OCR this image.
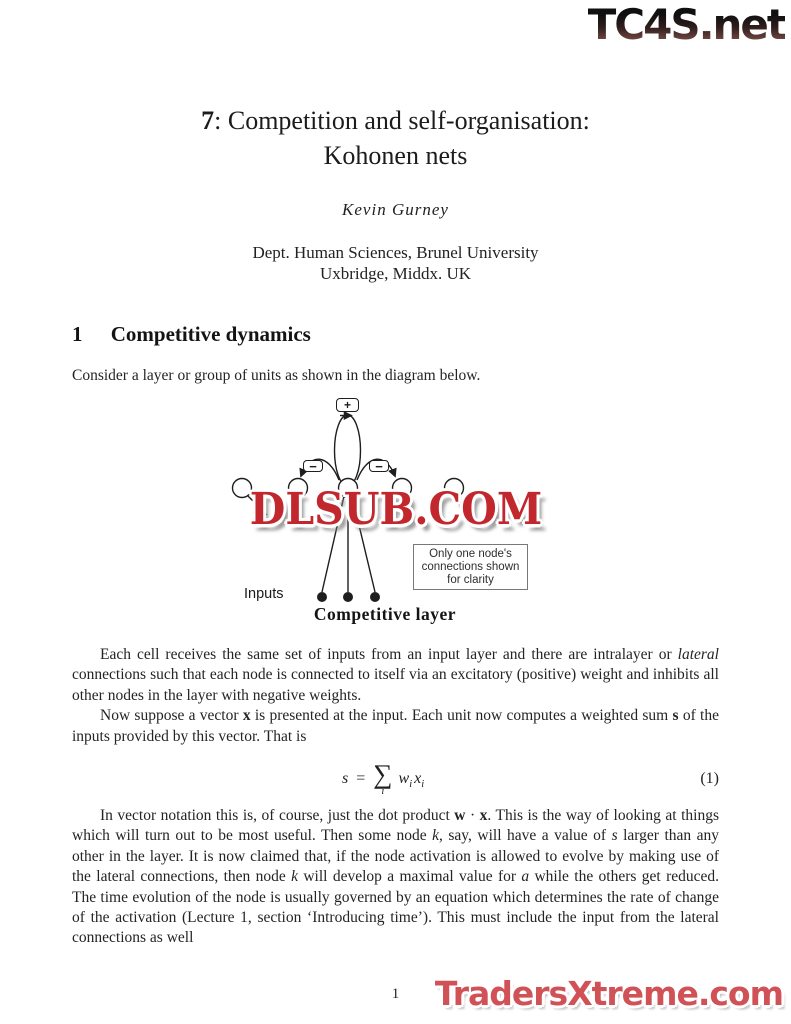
TC4S.net
7: Competition and self-organisation:
Kohonen nets
Kevin Gurney
Dept. Human Sciences, Brunel University
Uxbridge, Middx. UK
1 Competitive dynamics
Consider a layer or group of units as shown in the diagram below.
+
−	−
Only one node's
connections shown
for clarity
Inputs
Competitive layer
DLSUB.COM

Each cell receives the same set of inputs from an input layer and there are intralayer or lateral connections such that each node is connected to itself via an excitatory (positive) weight and inhibits all other nodes in the layer with negative weights.

Now suppose a vector x is presented at the input. Each unit now computes a weighted sum s of the inputs provided by this vector. That is

s = ∑
i
w i x i	(1)

In vector notation this is, of course, just the dot product w · x. This is the way of looking at things which will turn out to be most useful. Then some node k, say, will have a value of s larger than any other in the layer. It is now claimed that, if the node activation is allowed to evolve by making use of the lateral connections, then node k will develop a maximal value for a while the others get reduced. The time evolution of the node is usually governed by an equation which determines the rate of change of the activation (Lecture 1, section ‘Introducing time’). This must include the input from the lateral connections as well

1	TradersXtreme.com
